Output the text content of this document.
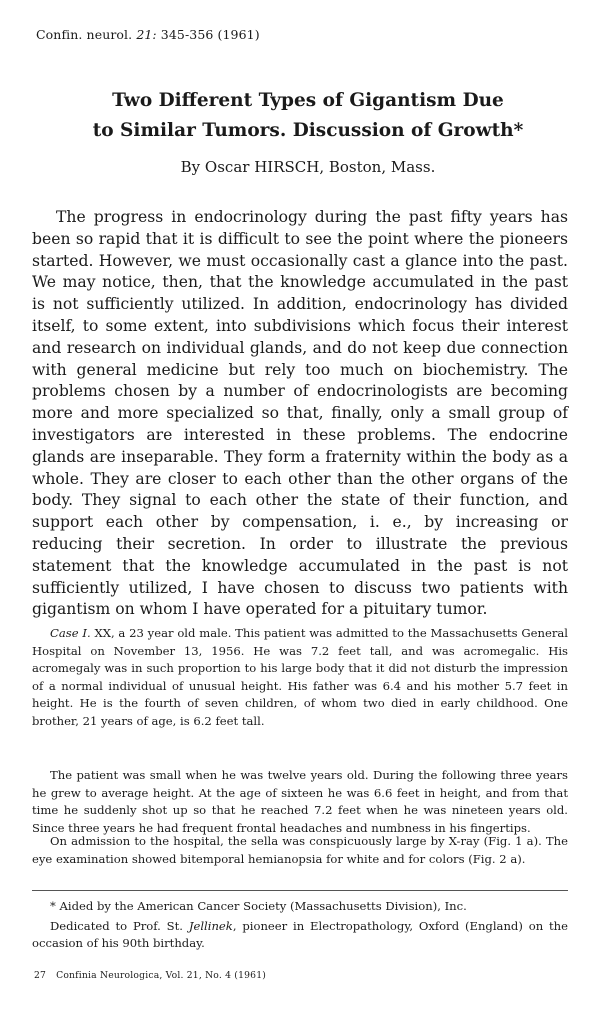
Confin. neurol. 21: 345-356 (1961)
Two Different Types of Gigantism Due
to Similar Tumors. Discussion of Growth*
By Oscar HIRSCH, Boston, Mass.

The progress in endocrinology during the past fifty years has been so rapid that it is difficult to see the point where the pioneers started. However, we must occasionally cast a glance into the past. We may notice, then, that the knowledge accumulated in the past is not sufficiently utilized. In addition, endocrinology has divided itself, to some extent, into subdivisions which focus their interest and research on individual glands, and do not keep due connection with general medicine but rely too much on biochemistry. The problems chosen by a number of endocrinologists are becoming more and more specialized so that, finally, only a small group of investigators are interested in these problems. The endocrine glands are inseparable. They form a fraternity within the body as a whole. They are closer to each other than the other organs of the body. They signal to each other the state of their function, and support each other by compensation, i. e., by increasing or reducing their secretion. In order to illustrate the previous statement that the knowledge accumulated in the past is not sufficiently utilized, I have chosen to discuss two patients with gigantism on whom I have operated for a pituitary tumor.

Case I. XX, a 23 year old male. This patient was admitted to the Massachusetts General Hospital on November 13, 1956. He was 7.2 feet tall, and was acromegalic. His acromegaly was in such proportion to his large body that it did not disturb the impression of a normal individual of unusual height. His father was 6.4 and his mother 5.7 feet in height. He is the fourth of seven children, of whom two died in early childhood. One brother, 21 years of age, is 6.2 feet tall.

The patient was small when he was twelve years old. During the following three years he grew to average height. At the age of sixteen he was 6.6 feet in height, and from that time he suddenly shot up so that he reached 7.2 feet when he was nineteen years old. Since three years he had frequent frontal headaches and numbness in his fingertips.

On admission to the hospital, the sella was conspicuously large by X-ray (Fig. 1 a). The eye examination showed bitemporal hemianopsia for white and for colors (Fig. 2 a).

* Aided by the American Cancer Society (Massachusetts Division), Inc.

Dedicated to Prof. St. Jellinek, pioneer in Electropathology, Oxford (England) on the occasion of his 90th birthday.

27 Confinia Neurologica, Vol. 21, No. 4 (1961)
